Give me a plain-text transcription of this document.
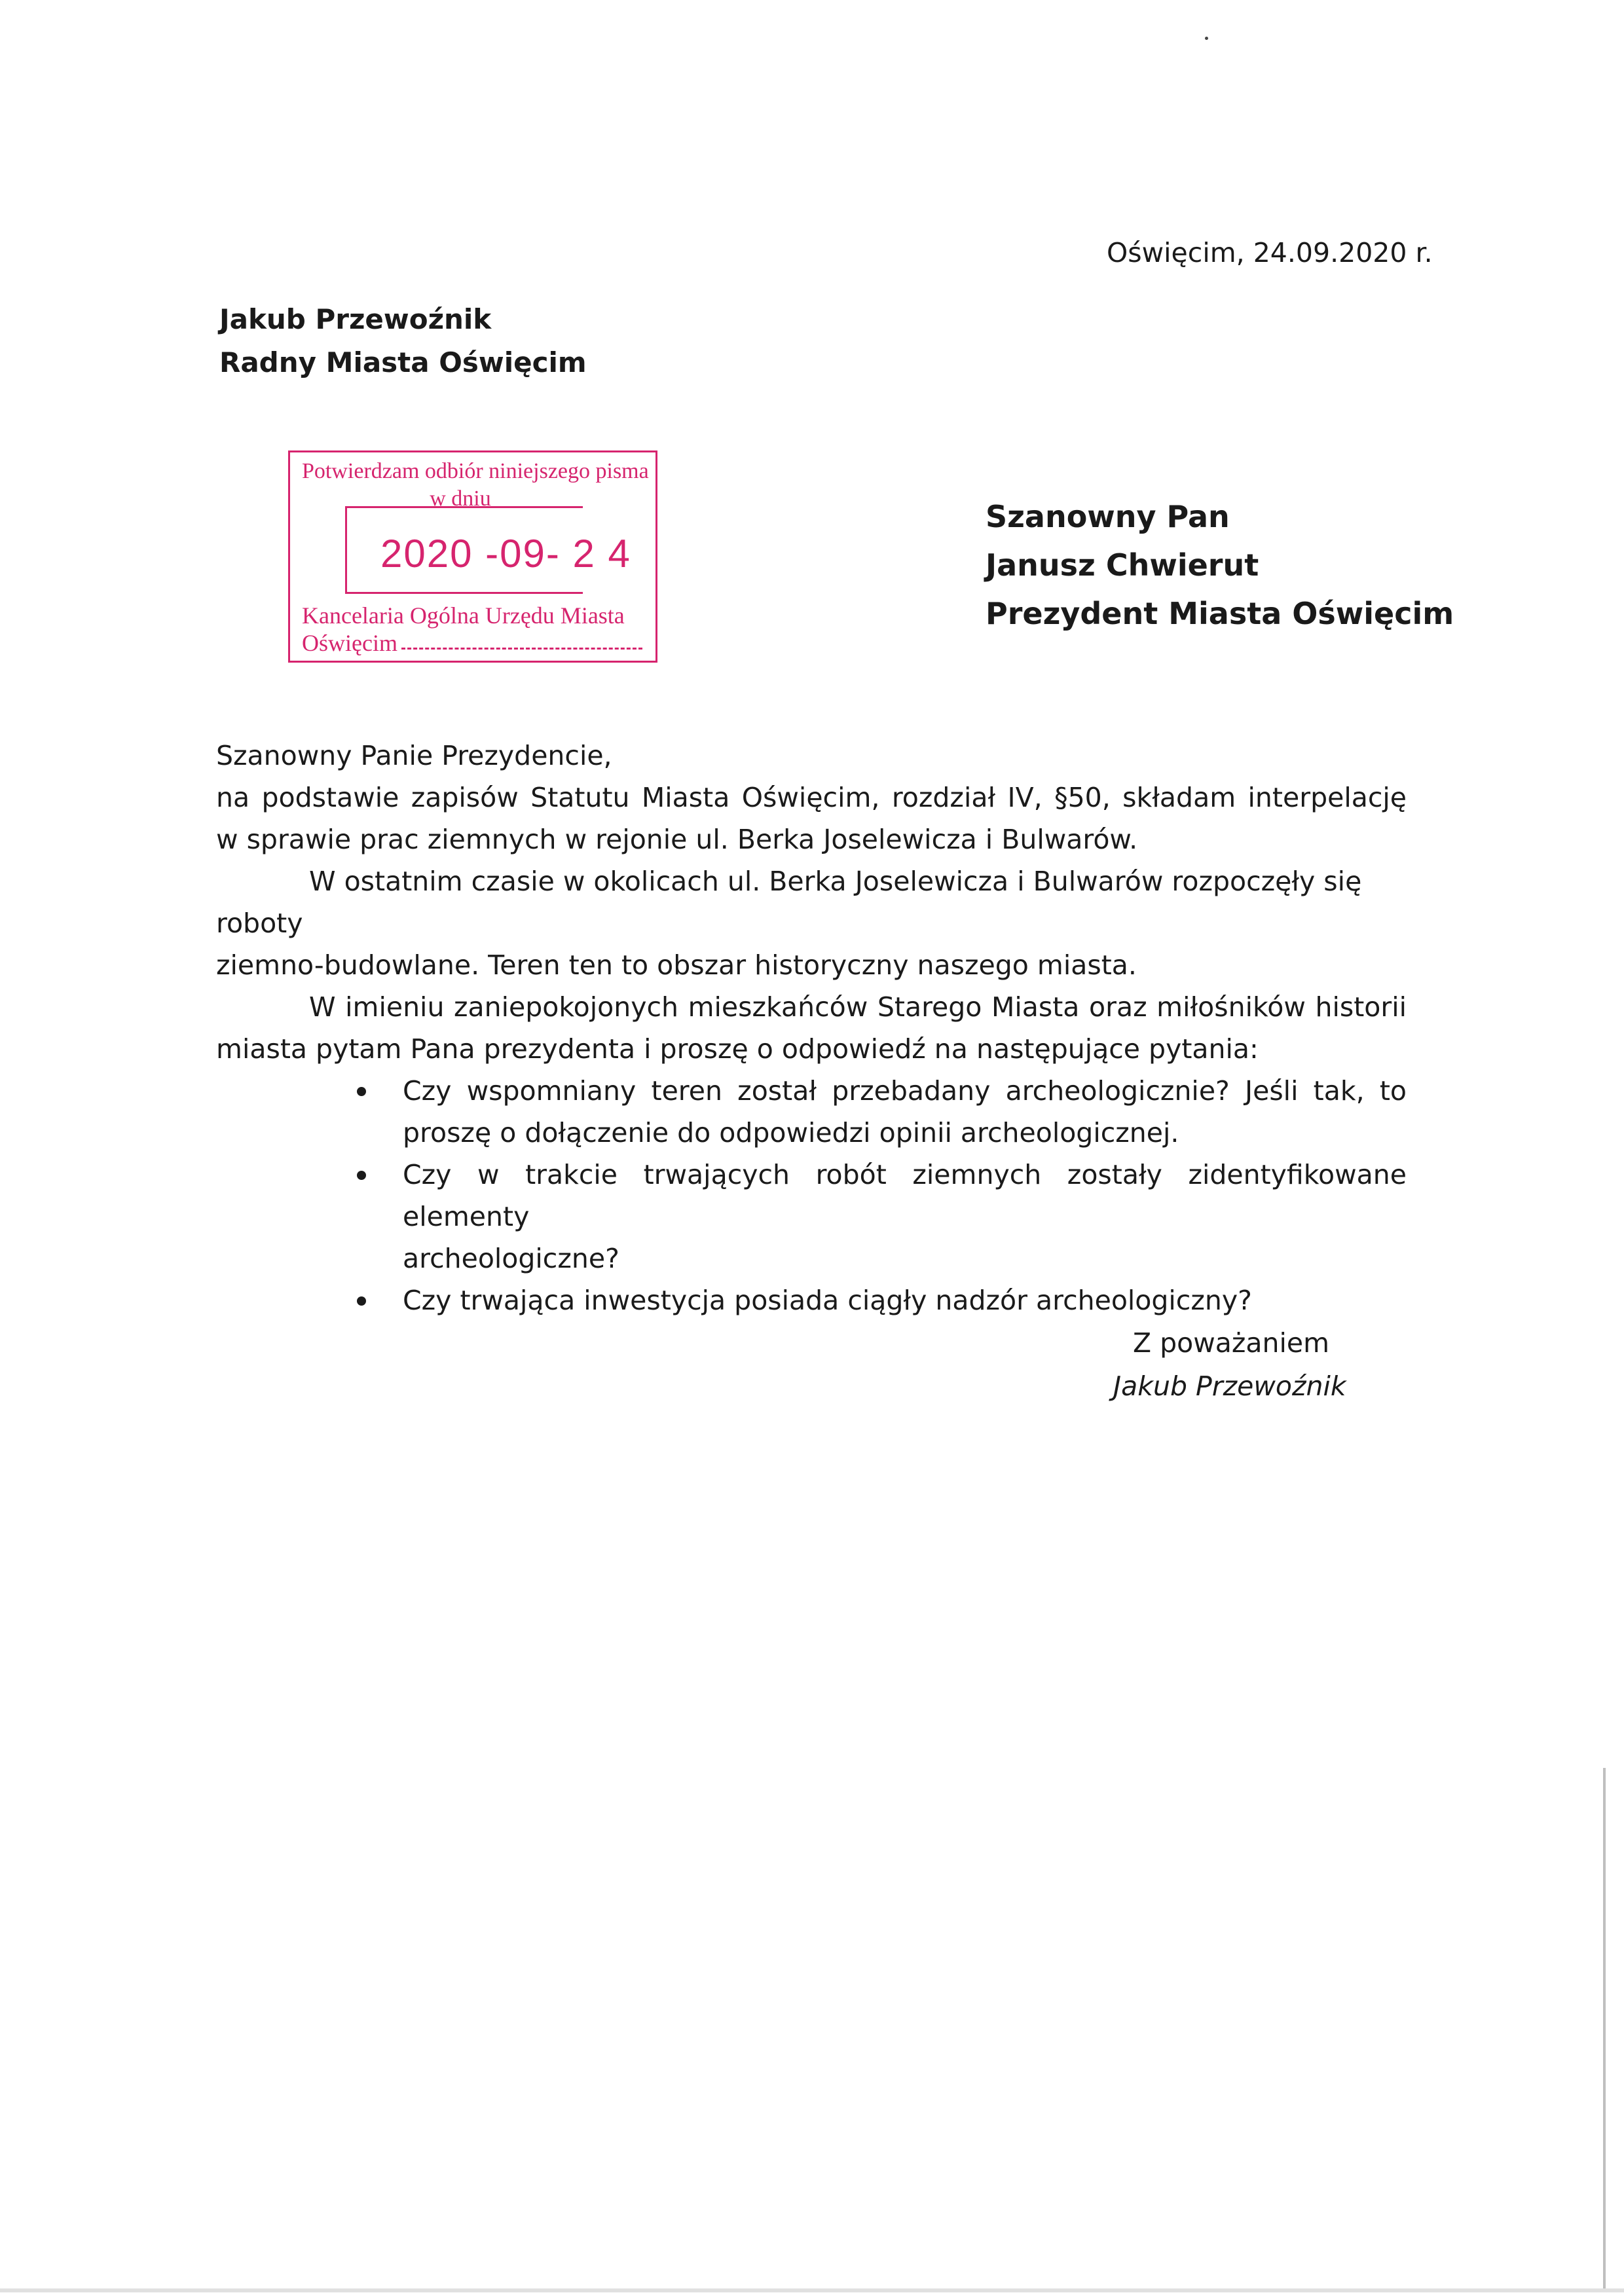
Oświęcim, 24.09.2020 r.
Jakub Przewoźnik
Radny Miasta Oświęcim
Potwierdzam odbiór niniejszego pisma
w dniu
2020 -09- 2 4
Kancelaria Ogólna Urzędu Miasta
Oświęcim
Szanowny Pan
Janusz Chwierut
Prezydent Miasta Oświęcim

Szanowny Panie Prezydencie,

na podstawie zapisów Statutu Miasta Oświęcim, rozdział IV, §50, składam interpelację

w sprawie prac ziemnych w rejonie ul. Berka Joselewicza i Bulwarów.

W ostatnim czasie w okolicach ul. Berka Joselewicza i Bulwarów rozpoczęły się roboty

ziemno-budowlane. Teren ten to obszar historyczny naszego miasta.

W imieniu zaniepokojonych mieszkańców Starego Miasta oraz miłośników historii

miasta pytam Pana prezydenta i proszę o odpowiedź na następujące pytania:

Czy wspomniany teren został przebadany archeologicznie? Jeśli tak, to
proszę o dołączenie do odpowiedzi opinii archeologicznej.
Czy w trakcie trwających robót ziemnych zostały zidentyfikowane elementy
archeologiczne?
Czy trwająca inwestycja posiada ciągły nadzór archeologiczny?
Z poważaniem
Jakub Przewoźnik
